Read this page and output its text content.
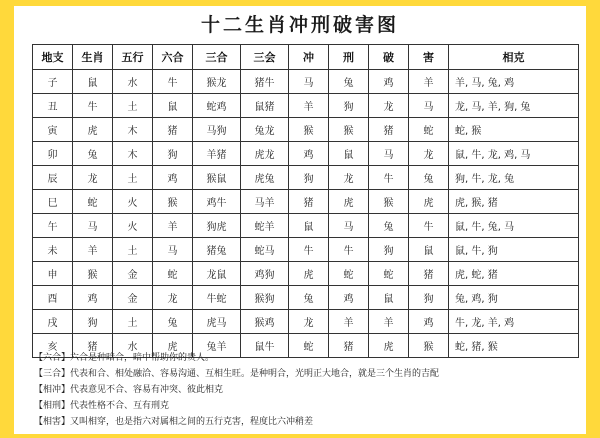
十二生肖冲刑破害图
地支	生肖	五行	六合	三合	三会	冲	刑	破	害	相克
子	鼠	水	牛	猴龙	猪牛	马	兔	鸡	羊	羊, 马, 兔, 鸡
丑	牛	土	鼠	蛇鸡	鼠猪	羊	狗	龙	马	龙, 马, 羊, 狗, 兔
寅	虎	木	猪	马狗	兔龙	猴	猴	猪	蛇	蛇, 猴
卯	兔	木	狗	羊猪	虎龙	鸡	鼠	马	龙	鼠, 牛, 龙, 鸡, 马
辰	龙	土	鸡	猴鼠	虎兔	狗	龙	牛	兔	狗, 牛, 龙, 兔
巳	蛇	火	猴	鸡牛	马羊	猪	虎	猴	虎	虎, 猴, 猪
午	马	火	羊	狗虎	蛇羊	鼠	马	兔	牛	鼠, 牛, 兔, 马
未	羊	土	马	猪兔	蛇马	牛	牛	狗	鼠	鼠, 牛, 狗
申	猴	金	蛇	龙鼠	鸡狗	虎	蛇	蛇	猪	虎, 蛇, 猪
酉	鸡	金	龙	牛蛇	猴狗	兔	鸡	鼠	狗	兔, 鸡, 狗
戌	狗	土	兔	虎马	猴鸡	龙	羊	羊	鸡	牛, 龙, 羊, 鸡
亥	猪	水	虎	兔羊	鼠牛	蛇	猪	虎	猴	蛇, 猪, 猴
【六合】六合是种暗合，暗中帮助你的贵人。
【三合】代表和合、相处融洽、容易沟通、互相生旺。是种明合，光明正大地合，就是三个生肖的吉配
【相冲】代表意见不合、容易有冲突、彼此相克
【相刑】代表性格不合、互有刑克
【相害】又叫相穿，也是指六对属相之间的五行克害，程度比六冲稍差
